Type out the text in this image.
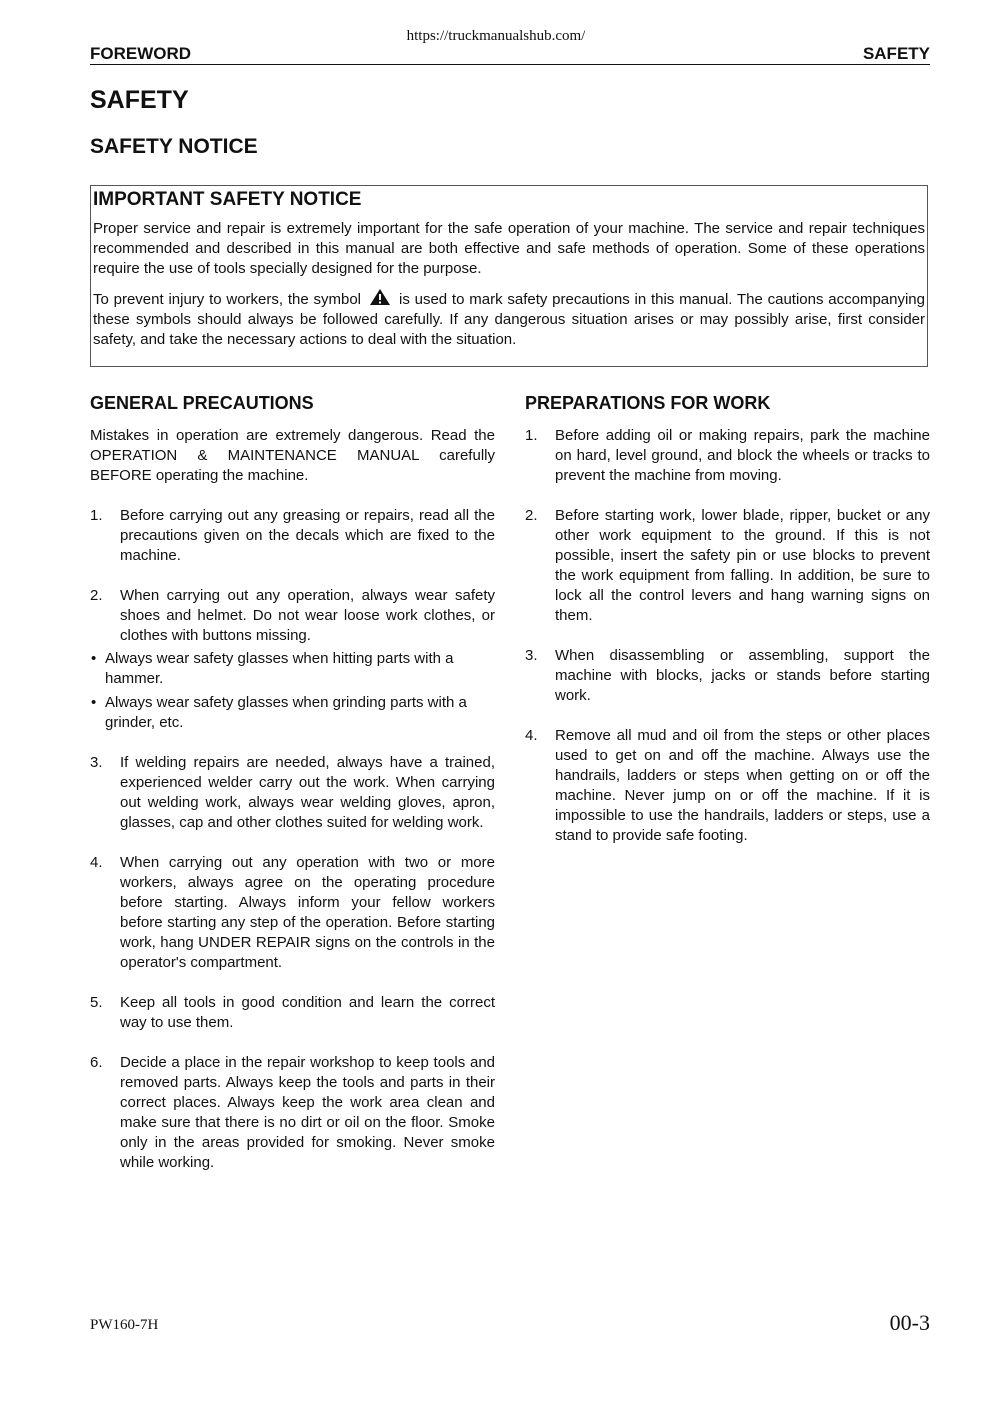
https://truckmanualshub.com/
FOREWORD	SAFETY
SAFETY
SAFETY NOTICE
IMPORTANT SAFETY NOTICE

Proper service and repair is extremely important for the safe operation of your machine. The service and repair techniques recommended and described in this manual are both effective and safe methods of operation. Some of these operations require the use of tools specially designed for the purpose.

To prevent injury to workers, the symbol	is used to mark safety precautions in this manual. The cautions accompanying these symbols should always be followed carefully. If any dangerous situation arises or may possibly arise, first consider safety, and take the necessary actions to deal with the situation.

GENERAL PRECAUTIONS

Mistakes in operation are extremely dangerous. Read the OPERATION & MAINTENANCE MANUAL carefully BEFORE operating the machine.

1. Before carrying out any greasing or repairs, read all the precautions given on the decals which are fixed to the machine.
2. When carrying out any operation, always wear safety shoes and helmet. Do not wear loose work clothes, or clothes with buttons missing.
• Always wear safety glasses when hitting parts with a hammer.
• Always wear safety glasses when grinding parts with a grinder, etc.
3. If welding repairs are needed, always have a trained, experienced welder carry out the work. When carrying out welding work, always wear welding gloves, apron, glasses, cap and other clothes suited for welding work.
4. When carrying out any operation with two or more workers, always agree on the operating procedure before starting. Always inform your fellow workers before starting any step of the operation. Before starting work, hang UNDER REPAIR signs on the controls in the operator's compartment.
5. Keep all tools in good condition and learn the correct way to use them.
6. Decide a place in the repair workshop to keep tools and removed parts. Always keep the tools and parts in their correct places. Always keep the work area clean and make sure that there is no dirt or oil on the floor. Smoke only in the areas provided for smoking. Never smoke while working.
PREPARATIONS FOR WORK
1. Before adding oil or making repairs, park the machine on hard, level ground, and block the wheels or tracks to prevent the machine from moving.
2. Before starting work, lower blade, ripper, bucket or any other work equipment to the ground. If this is not possible, insert the safety pin or use blocks to prevent the work equipment from falling. In addition, be sure to lock all the control levers and hang warning signs on them.
3. When disassembling or assembling, support the machine with blocks, jacks or stands before starting work.
4. Remove all mud and oil from the steps or other places used to get on and off the machine. Always use the handrails, ladders or steps when getting on or off the machine. Never jump on or off the machine. If it is impossible to use the handrails, ladders or steps, use a stand to provide safe footing.
PW160-7H	00-3
